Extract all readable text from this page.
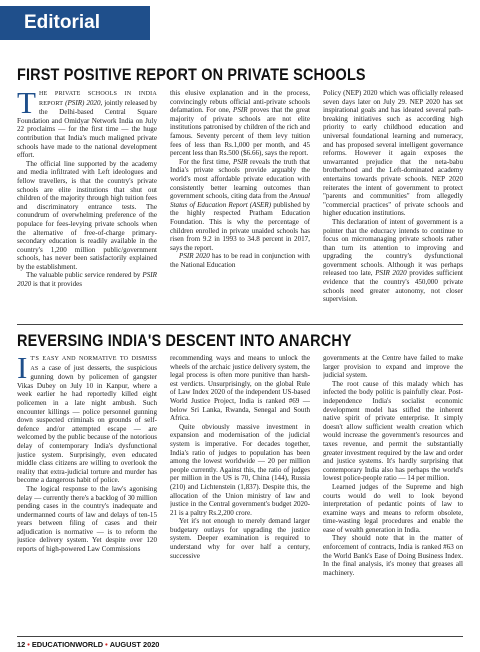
Editorial
FIRST POSITIVE REPORT ON PRIVATE SCHOOLS

THE PRIVATE SCHOOLS IN INDIA REPORT (PSIR) 2020, jointly released by the Delhi-based Central Square Foundation and Omidyar Network India on July 22 proclaims — for the first time — the huge contribution that India's much maligned private schools have made to the national development effort.

The official line supported by the academy and media infiltrated with Left ideologues and fellow travellers, is that the country's private schools are elite institutions that shut out children of the majority through high tuition fees and discriminatory entrance tests. The conundrum of overwhelming preference of the populace for fees-levying private schools when the alternative of free-of-charge primary-secondary education is readily available in the country's 1,200 million public/government schools, has never been satisfactorily explained by the establishment.

The valuable public service rendered by PSIR 2020 is that it provides

this elusive explanation and in the process, convincingly rebuts official anti-private schools defamation. For one, PSIR proves that the great majority of private schools are not elite institutions patronised by children of the rich and famous. Seventy percent of them levy tuition fees of less than Rs.1,000 per month, and 45 percent less than Rs.500 ($6.66), says the report.

For the first time, PSIR reveals the truth that India's private schools provide arguably the world's most affordable private education with consistently better learning outcomes than government schools, citing data from the Annual Status of Education Report (ASER) published by the highly respected Pratham Education Foundation. This is why the percentage of children enrolled in private unaided schools has risen from 9.2 in 1993 to 34.8 percent in 2017, says the report.

PSIR 2020 has to be read in conjunction with the National Education

Policy (NEP) 2020 which was officially released seven days later on July 29. NEP 2020 has set inspirational goals and has ideated several path-breaking initiatives such as according high priority to early childhood education and universal foundational learning and numeracy, and has proposed several intelligent governance reforms. However it again exposes the unwarranted prejudice that the neta-babu brotherhood and the Left-dominated academy entertains towards private schools. NEP 2020 reiterates the intent of government to protect "parents and communities" from allegedly "commercial practices" of private schools and higher education institutions.

This declaration of intent of government is a pointer that the educracy intends to continue to focus on micromanaging private schools rather than turn its attention to improving and upgrading the country's dysfunctional government schools. Although it was perhaps released too late, PSIR 2020 provides sufficient evidence that the country's 450,000 private schools need greater autonomy, not closer supervision.

REVERSING INDIA'S DESCENT INTO ANARCHY

IT'S EASY AND NORMATIVE TO DISMISS AS a case of just desserts, the suspicious gunning down by policemen of gangster Vikas Dubey on July 10 in Kanpur, where a week earlier he had reportedly killed eight policemen in a late night ambush. Such encounter killings — police personnel gunning down suspected criminals on grounds of self-defence and/or attempted escape — are welcomed by the public because of the notorious delay of contemporary India's dysfunctional justice system. Surprisingly, even educated middle class citizens are willing to overlook the reality that extra-judicial torture and murder has become a dangerous habit of police.

The logical response to the law's agonising delay — currently there's a backlog of 30 million pending cases in the country's inadequate and undermanned courts of law and delays of ten-15 years between filing of cases and their adjudication is normative — is to reform the justice delivery system. Yet despite over 120 reports of high-powered Law Commissions

recommending ways and means to unlock the wheels of the archaic justice delivery system, the legal process is often more punitive than harsh-est verdicts. Unsurprisingly, on the global Rule of Law Index 2020 of the independent US-based World Justice Project, India is ranked #69 — below Sri Lanka, Rwanda, Senegal and South Africa.

Quite obviously massive investment in expansion and modernisation of the judicial system is imperative. For decades together, India's ratio of judges to population has been among the lowest worldwide — 20 per million people currently. Against this, the ratio of judges per million in the US is 70, China (144), Russia (210) and Lichtenstein (1,837). Despite this, the allocation of the Union ministry of law and justice in the Central government's budget 2020-21 is a paltry Rs.2,200 crore.

Yet it's not enough to merely demand larger budgetary outlays for upgrading the justice system. Deeper examination is required to understand why for over half a century, successive

governments at the Centre have failed to make larger provision to expand and improve the judicial system.

The root cause of this malady which has infected the body politic is painfully clear. Post-independence India's socialist economic development model has stifled the inherent native spirit of private enterprise. It simply doesn't allow sufficient wealth creation which would increase the government's resources and taxes revenue, and permit the substantially greater investment required by the law and order and justice systems. It's hardly surprising that contemporary India also has perhaps the world's lowest police-people ratio — 14 per million.

Learned judges of the Supreme and high courts would do well to look beyond interpretation of pedantic points of law to examine ways and means to reform obsolete, time-wasting legal procedures and enable the ease of wealth generation in India.

They should note that in the matter of enforcement of contracts, India is ranked #63 on the World Bank's Ease of Doing Business Index. In the final analysis, it's money that greases all machinery.

12 • EDUCATIONWORLD • AUGUST 2020
